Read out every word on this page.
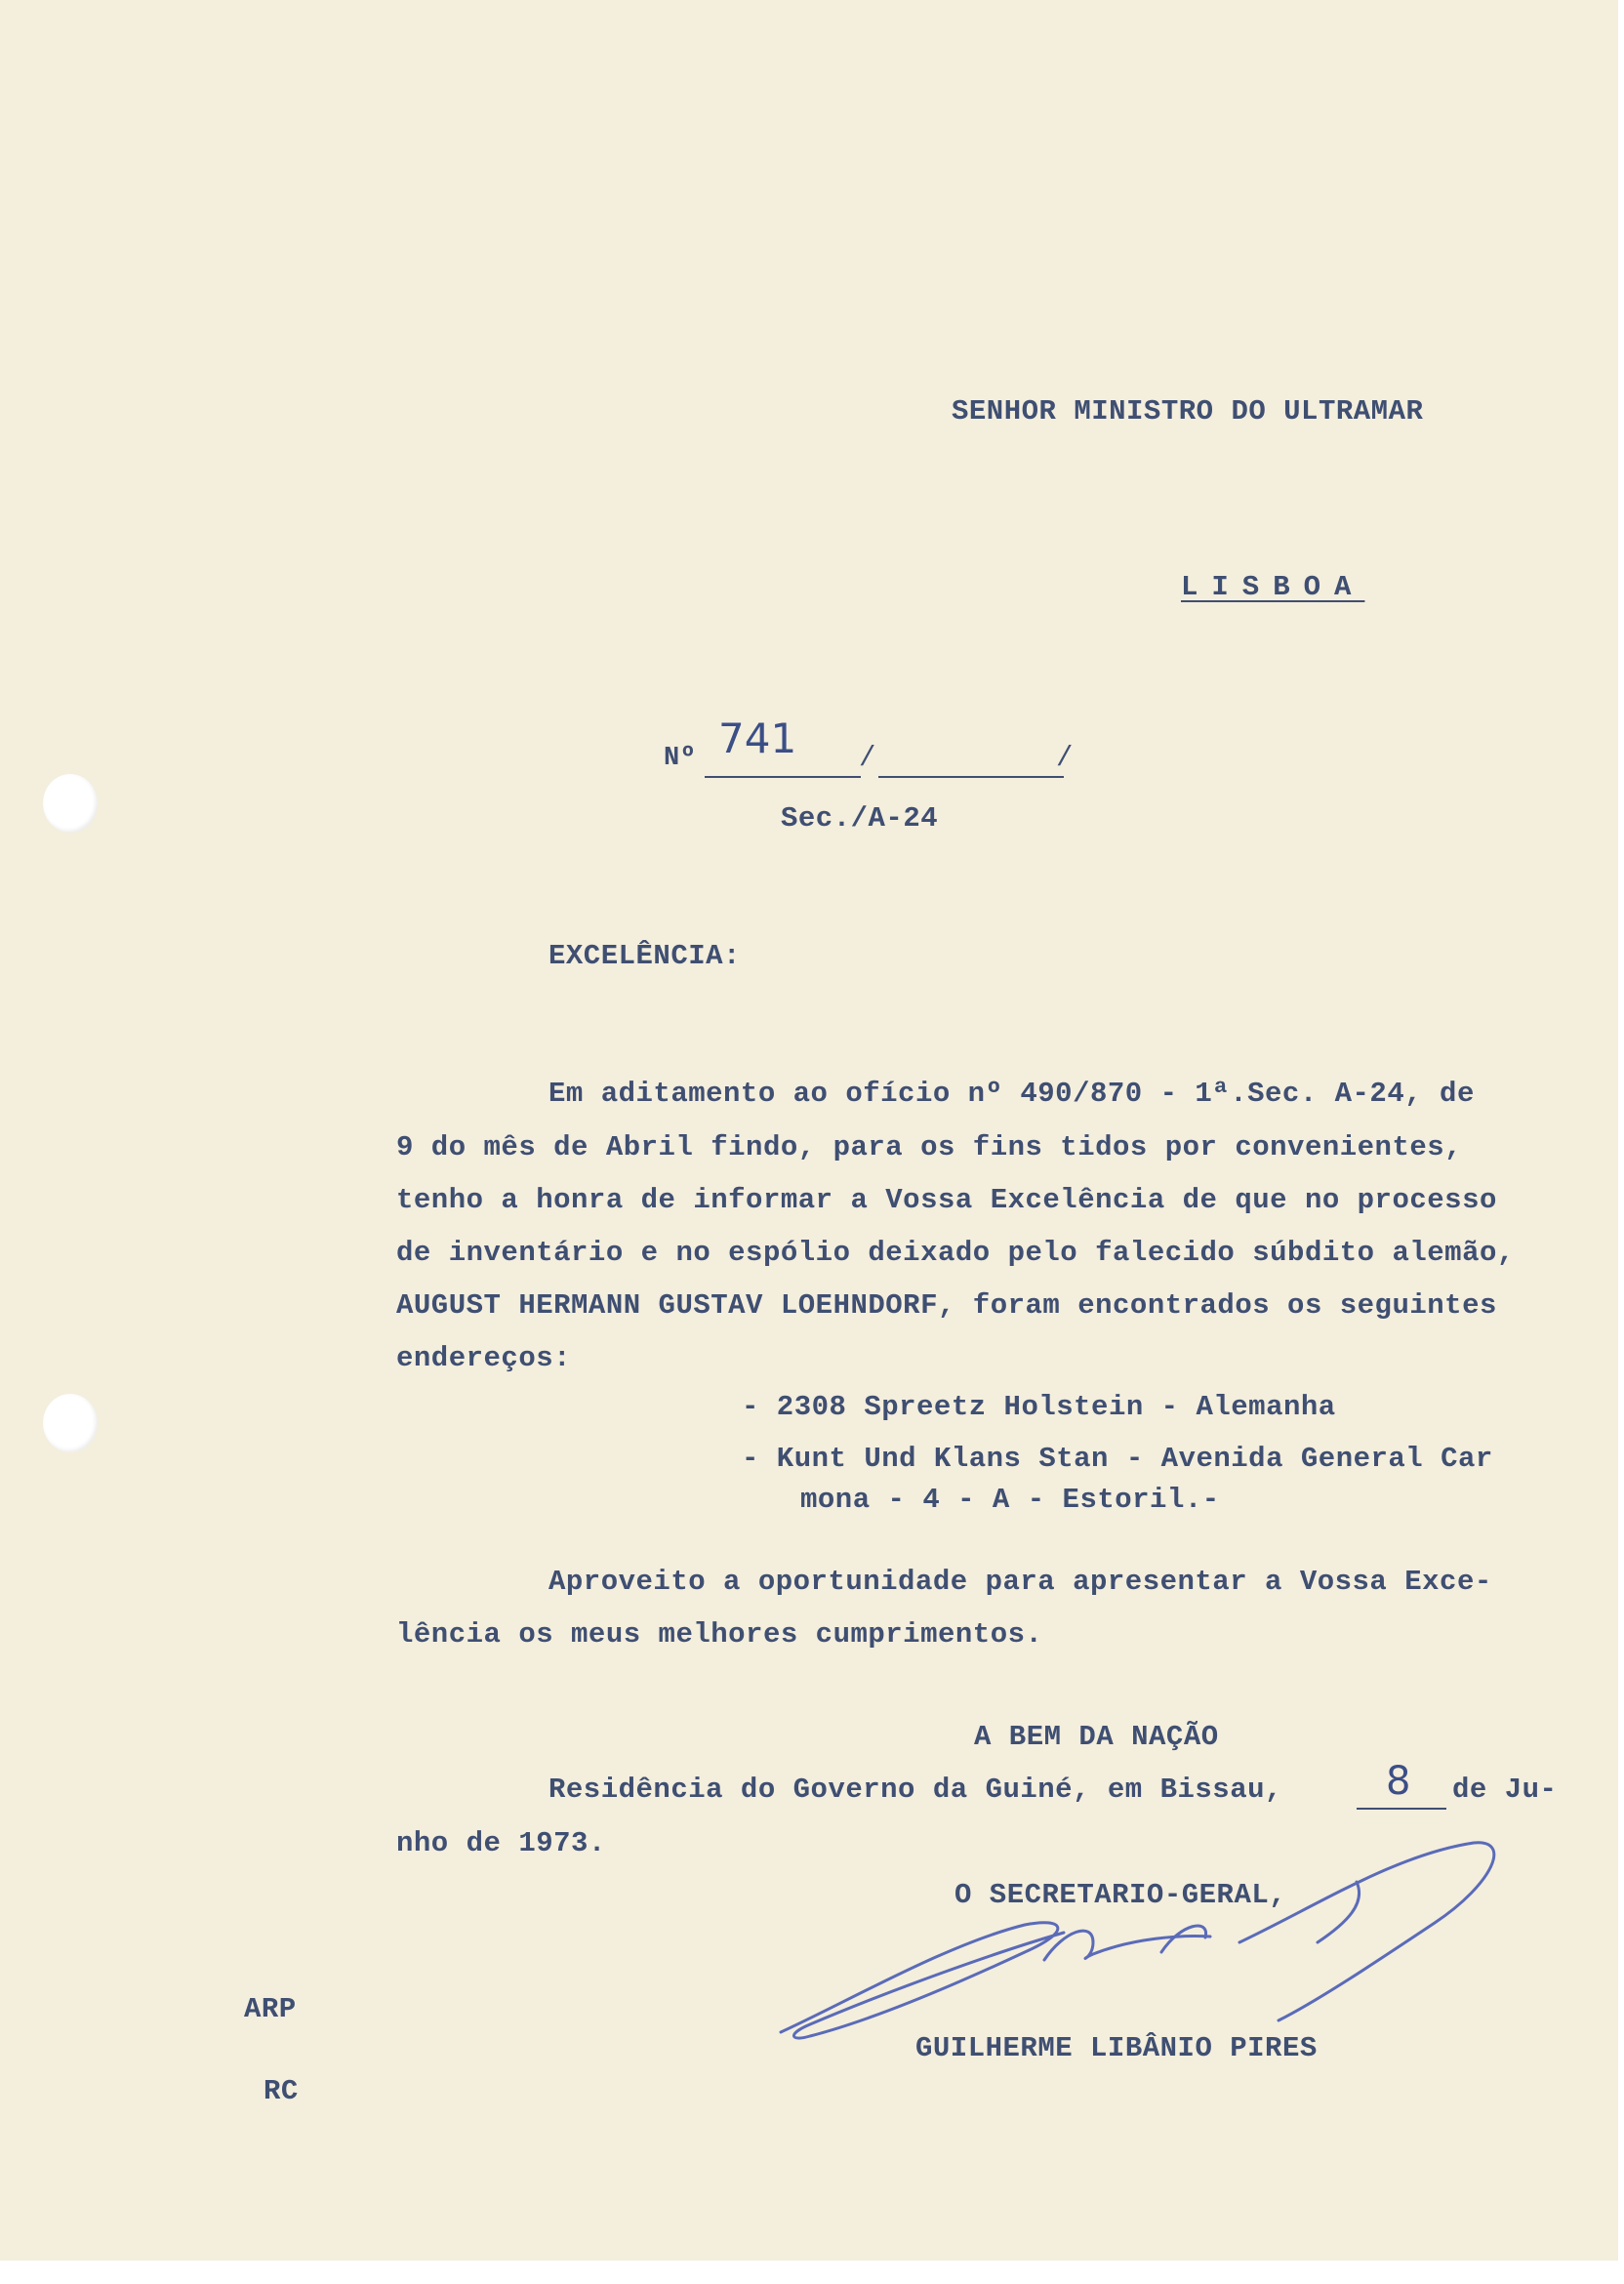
SENHOR MINISTRO DO ULTRAMAR
LISBOA
Nº 741 /	/
Sec./A-24
EXCELÊNCIA:
Em aditamento ao ofício nº 490/870 - 1ª.Sec. A-24, de
9 do mês de Abril findo, para os fins tidos por convenientes,
tenho a honra de informar a Vossa Excelência de que no processo
de inventário e no espólio deixado pelo falecido súbdito alemão,
AUGUST HERMANN GUSTAV LOEHNDORF, foram encontrados os seguintes
endereços:
- 2308 Spreetz Holstein - Alemanha
- Kunt Und Klans Stan - Avenida General Car
mona - 4 - A - Estoril.-
Aproveito a oportunidade para apresentar a Vossa Exce-
lência os meus melhores cumprimentos.
A BEM DA NAÇÃO
Residência do Governo da Guiné, em Bissau,	8 de Ju-
nho de 1973.
O SECRETARIO-GERAL,
GUILHERME LIBÂNIO PIRES
ARP
RC
